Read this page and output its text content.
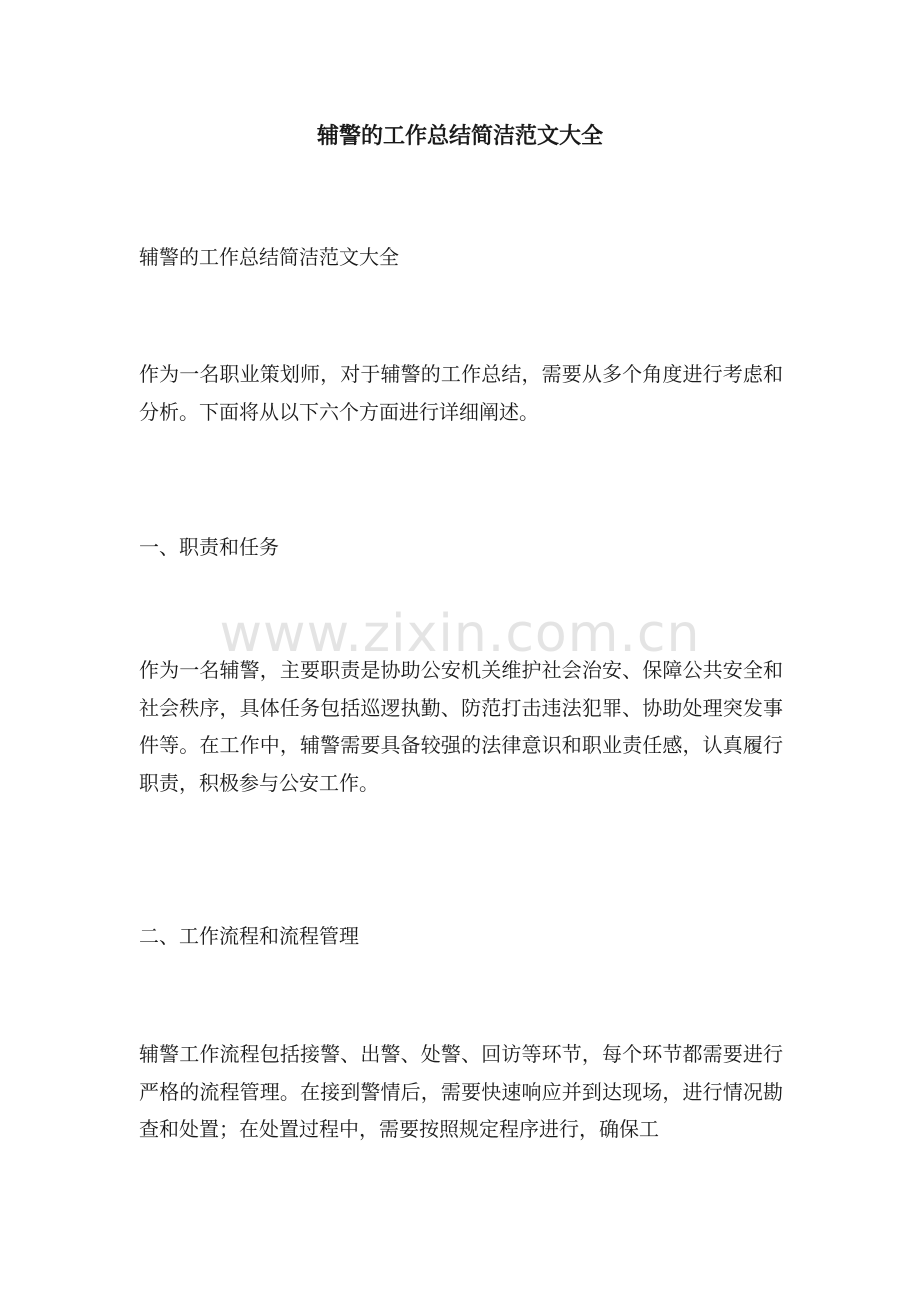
辅警的工作总结简洁范文大全

辅警的工作总结简洁范文大全

作为一名职业策划师，对于辅警的工作总结，需要从多个角度进行考虑和分析。下面将从以下六个方面进行详细阐述。

一、职责和任务

作为一名辅警，主要职责是协助公安机关维护社会治安、保障公共安全和社会秩序，具体任务包括巡逻执勤、防范打击违法犯罪、协助处理突发事件等。在工作中，辅警需要具备较强的法律意识和职业责任感，认真履行职责，积极参与公安工作。

二、工作流程和流程管理

辅警工作流程包括接警、出警、处警、回访等环节，每个环节都需要进行严格的流程管理。在接到警情后，需要快速响应并到达现场，进行情况勘查和处置；在处置过程中，需要按照规定程序进行，确保工

www.zixin.com.cn
